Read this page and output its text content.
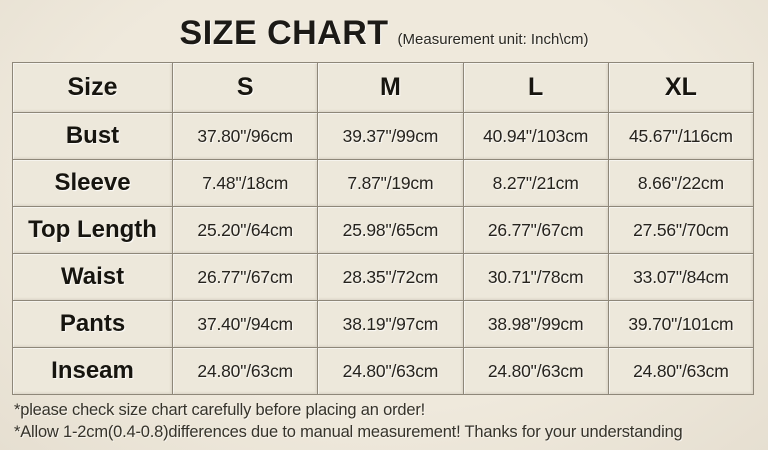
SIZE CHART (Measurement unit: Inch\cm)
Size	S	M	L	XL
Bust	37.80"/96cm	39.37"/99cm	40.94"/103cm	45.67"/116cm
Sleeve	7.48"/18cm	7.87"/19cm	8.27"/21cm	8.66"/22cm
Top Length	25.20"/64cm	25.98"/65cm	26.77"/67cm	27.56"/70cm
Waist	26.77"/67cm	28.35"/72cm	30.71"/78cm	33.07"/84cm
Pants	37.40"/94cm	38.19"/97cm	38.98"/99cm	39.70"/101cm
Inseam	24.80"/63cm	24.80"/63cm	24.80"/63cm	24.80"/63cm

*please check size chart carefully before placing an order!

*Allow 1-2cm(0.4-0.8)differences due to manual measurement! Thanks for your understanding
